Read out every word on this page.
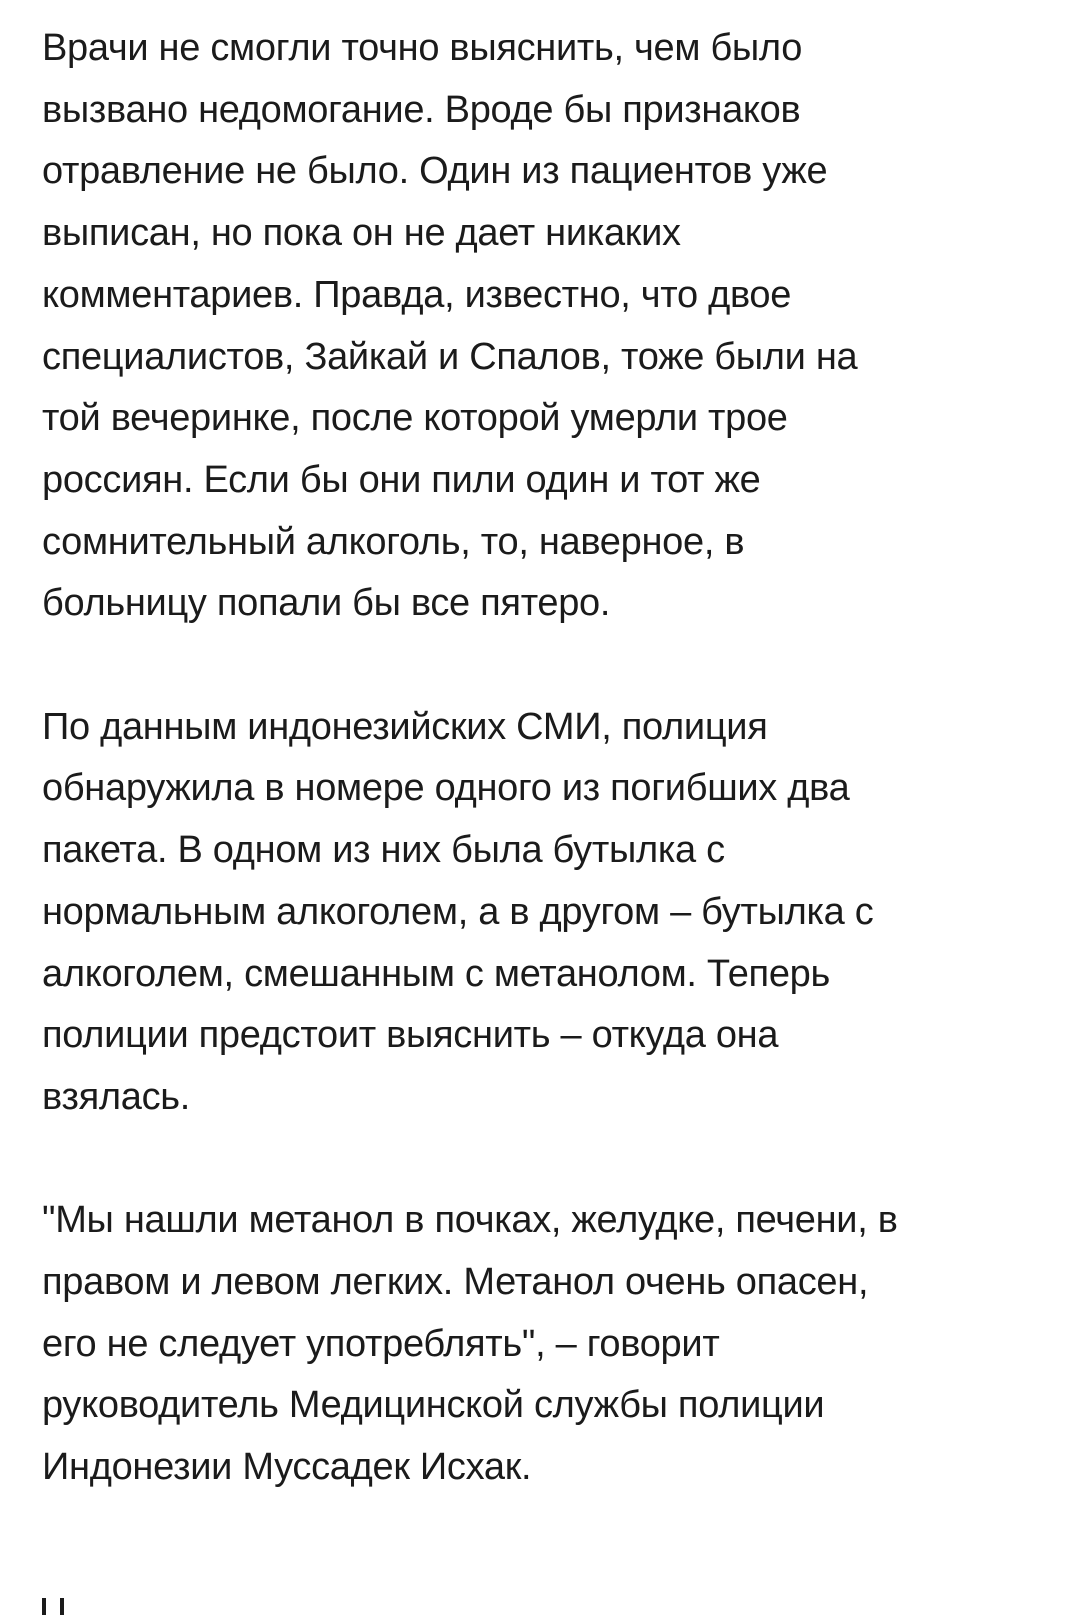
Врачи не смогли точно выяснить, чем было
вызвано недомогание. Вроде бы признаков
отравление не было. Один из пациентов уже
выписан, но пока он не дает никаких
комментариев. Правда, известно, что двое
специалистов, Зайкай и Спалов, тоже были на
той вечеринке, после которой умерли трое
россиян. Если бы они пили один и тот же
сомнительный алкоголь, то, наверное, в
больницу попали бы все пятеро.

По данным индонезийских СМИ, полиция
обнаружила в номере одного из погибших два
пакета. В одном из них была бутылка с
нормальным алкоголем, а в другом – бутылка с
алкоголем, смешанным с метанолом. Теперь
полиции предстоит выяснить – откуда она
взялась.

"Мы нашли метанол в почках, желудке, печени, в
правом и левом легких. Метанол очень опасен,
его не следует употреблять", – говорит
руководитель Медицинской службы полиции
Индонезии Муссадек Исхак.
